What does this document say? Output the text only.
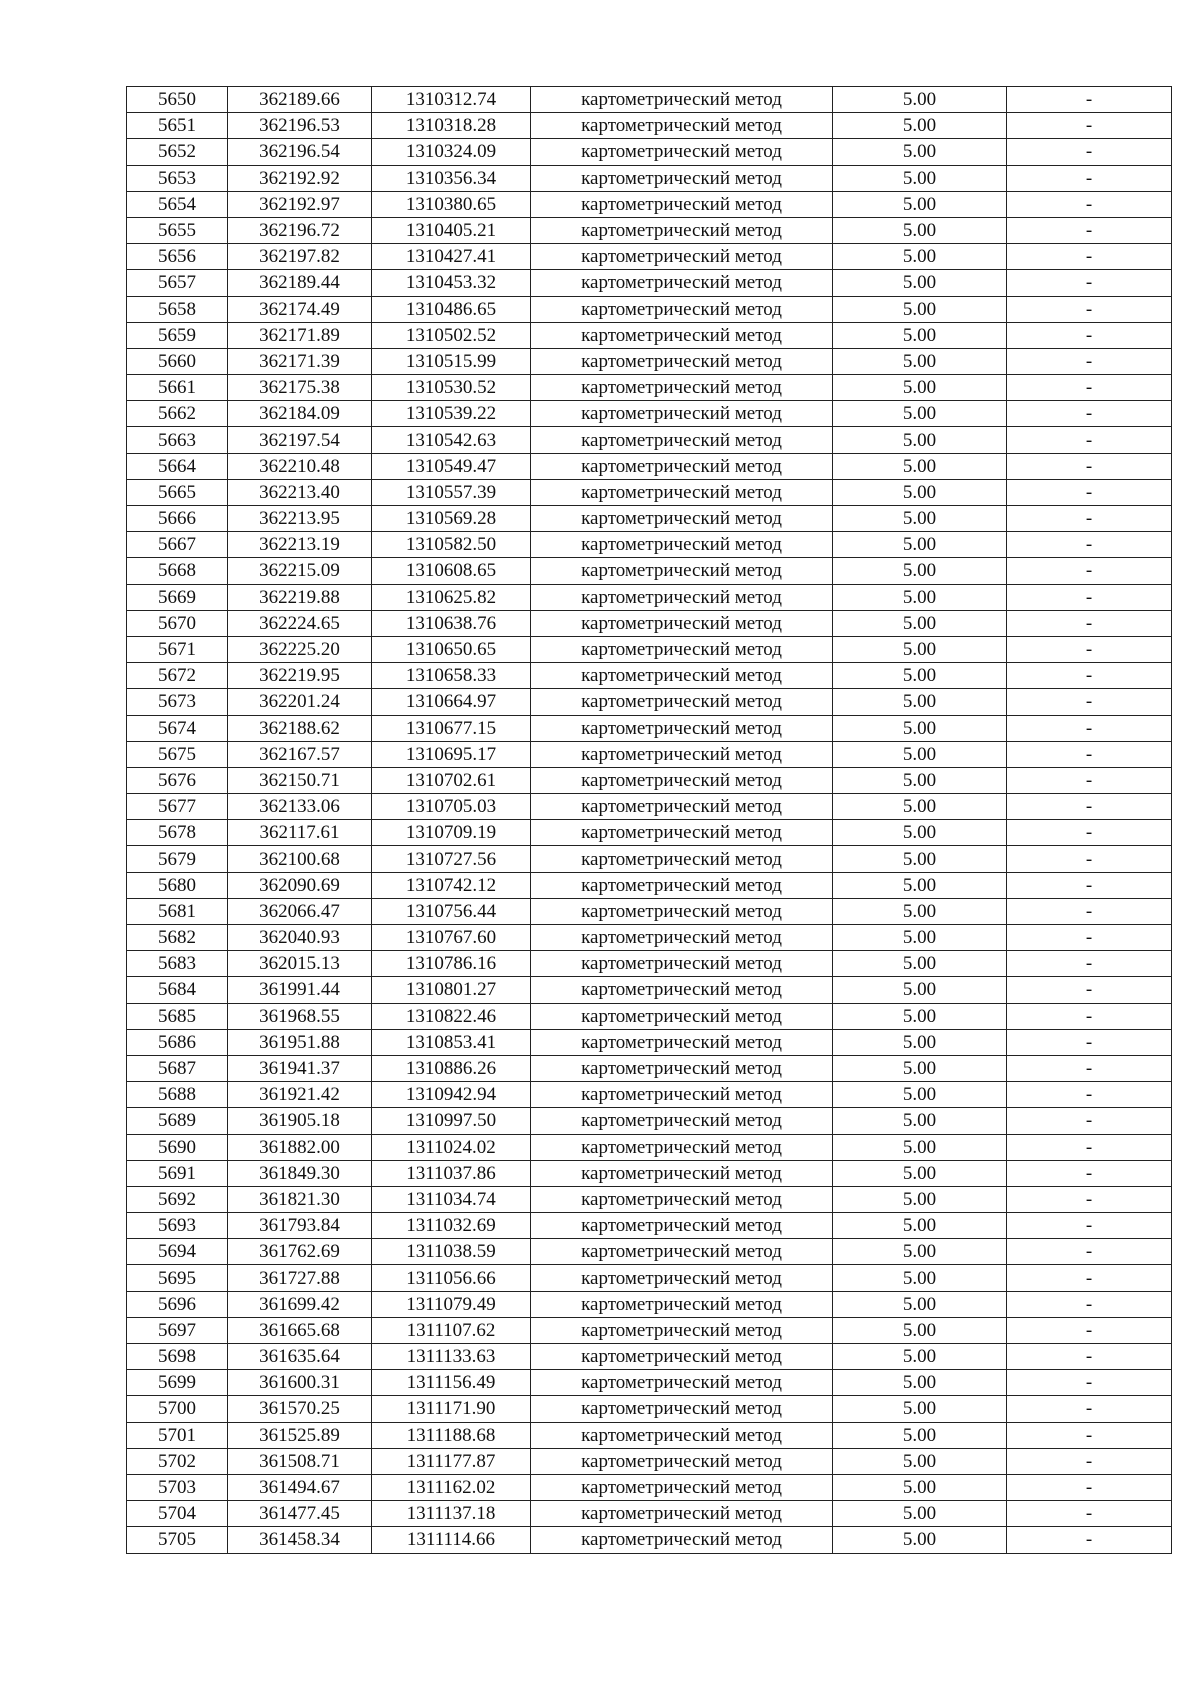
5650	362189.66	1310312.74	картометрический метод	5.00	-
5651	362196.53	1310318.28	картометрический метод	5.00	-
5652	362196.54	1310324.09	картометрический метод	5.00	-
5653	362192.92	1310356.34	картометрический метод	5.00	-
5654	362192.97	1310380.65	картометрический метод	5.00	-
5655	362196.72	1310405.21	картометрический метод	5.00	-
5656	362197.82	1310427.41	картометрический метод	5.00	-
5657	362189.44	1310453.32	картометрический метод	5.00	-
5658	362174.49	1310486.65	картометрический метод	5.00	-
5659	362171.89	1310502.52	картометрический метод	5.00	-
5660	362171.39	1310515.99	картометрический метод	5.00	-
5661	362175.38	1310530.52	картометрический метод	5.00	-
5662	362184.09	1310539.22	картометрический метод	5.00	-
5663	362197.54	1310542.63	картометрический метод	5.00	-
5664	362210.48	1310549.47	картометрический метод	5.00	-
5665	362213.40	1310557.39	картометрический метод	5.00	-
5666	362213.95	1310569.28	картометрический метод	5.00	-
5667	362213.19	1310582.50	картометрический метод	5.00	-
5668	362215.09	1310608.65	картометрический метод	5.00	-
5669	362219.88	1310625.82	картометрический метод	5.00	-
5670	362224.65	1310638.76	картометрический метод	5.00	-
5671	362225.20	1310650.65	картометрический метод	5.00	-
5672	362219.95	1310658.33	картометрический метод	5.00	-
5673	362201.24	1310664.97	картометрический метод	5.00	-
5674	362188.62	1310677.15	картометрический метод	5.00	-
5675	362167.57	1310695.17	картометрический метод	5.00	-
5676	362150.71	1310702.61	картометрический метод	5.00	-
5677	362133.06	1310705.03	картометрический метод	5.00	-
5678	362117.61	1310709.19	картометрический метод	5.00	-
5679	362100.68	1310727.56	картометрический метод	5.00	-
5680	362090.69	1310742.12	картометрический метод	5.00	-
5681	362066.47	1310756.44	картометрический метод	5.00	-
5682	362040.93	1310767.60	картометрический метод	5.00	-
5683	362015.13	1310786.16	картометрический метод	5.00	-
5684	361991.44	1310801.27	картометрический метод	5.00	-
5685	361968.55	1310822.46	картометрический метод	5.00	-
5686	361951.88	1310853.41	картометрический метод	5.00	-
5687	361941.37	1310886.26	картометрический метод	5.00	-
5688	361921.42	1310942.94	картометрический метод	5.00	-
5689	361905.18	1310997.50	картометрический метод	5.00	-
5690	361882.00	1311024.02	картометрический метод	5.00	-
5691	361849.30	1311037.86	картометрический метод	5.00	-
5692	361821.30	1311034.74	картометрический метод	5.00	-
5693	361793.84	1311032.69	картометрический метод	5.00	-
5694	361762.69	1311038.59	картометрический метод	5.00	-
5695	361727.88	1311056.66	картометрический метод	5.00	-
5696	361699.42	1311079.49	картометрический метод	5.00	-
5697	361665.68	1311107.62	картометрический метод	5.00	-
5698	361635.64	1311133.63	картометрический метод	5.00	-
5699	361600.31	1311156.49	картометрический метод	5.00	-
5700	361570.25	1311171.90	картометрический метод	5.00	-
5701	361525.89	1311188.68	картометрический метод	5.00	-
5702	361508.71	1311177.87	картометрический метод	5.00	-
5703	361494.67	1311162.02	картометрический метод	5.00	-
5704	361477.45	1311137.18	картометрический метод	5.00	-
5705	361458.34	1311114.66	картометрический метод	5.00	-
